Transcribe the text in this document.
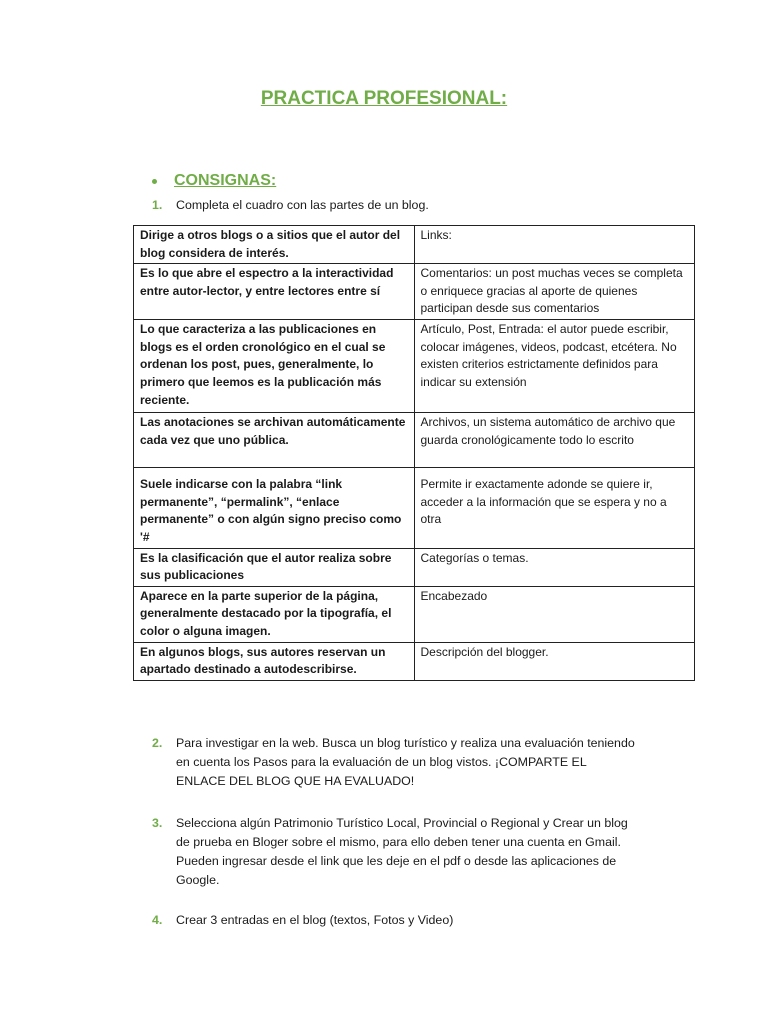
PRACTICA PROFESIONAL:
CONSIGNAS:
1.	Completa el cuadro con las partes de un blog.
Dirige a otros blogs o a sitios que el autor del blog considera de interés.	Links:
Es lo que abre el espectro a la interactividad entre autor-lector, y entre lectores entre sí	Comentarios: un post muchas veces se completa o enriquece gracias al aporte de quienes participan desde sus comentarios
Lo que caracteriza a las publicaciones en blogs es el orden cronológico en el cual se ordenan los post, pues, generalmente, lo primero que leemos es la publicación más reciente.	Artículo, Post, Entrada: el autor puede escribir, colocar imágenes, videos, podcast, etcétera. No existen criterios estrictamente definidos para indicar su extensión
Las anotaciones se archivan automáticamente cada vez que uno pública.	Archivos, un sistema automático de archivo que guarda cronológicamente todo lo escrito
Suele indicarse con la palabra “link permanente”, “permalink”, “enlace permanente” o con algún signo preciso como '#	Permite ir exactamente adonde se quiere ir, acceder a la información que se espera y no a otra
Es la clasificación que el autor realiza sobre sus publicaciones	Categorías o temas.
Aparece en la parte superior de la página, generalmente destacado por la tipografía, el color o alguna imagen.	Encabezado
En algunos blogs, sus autores reservan un apartado destinado a autodescribirse.	Descripción del blogger.
2.	Para investigar en la web. Busca un blog turístico y realiza una evaluación teniendo en cuenta los Pasos para la evaluación de un blog vistos. ¡COMPARTE EL ENLACE DEL BLOG QUE HA EVALUADO!
3.	Selecciona algún Patrimonio Turístico Local, Provincial o Regional y Crear un blog de prueba en Bloger sobre el mismo, para ello deben tener una cuenta en Gmail. Pueden ingresar desde el link que les deje en el pdf o desde las aplicaciones de Google.
4.	Crear 3 entradas en el blog (textos, Fotos y Video)
